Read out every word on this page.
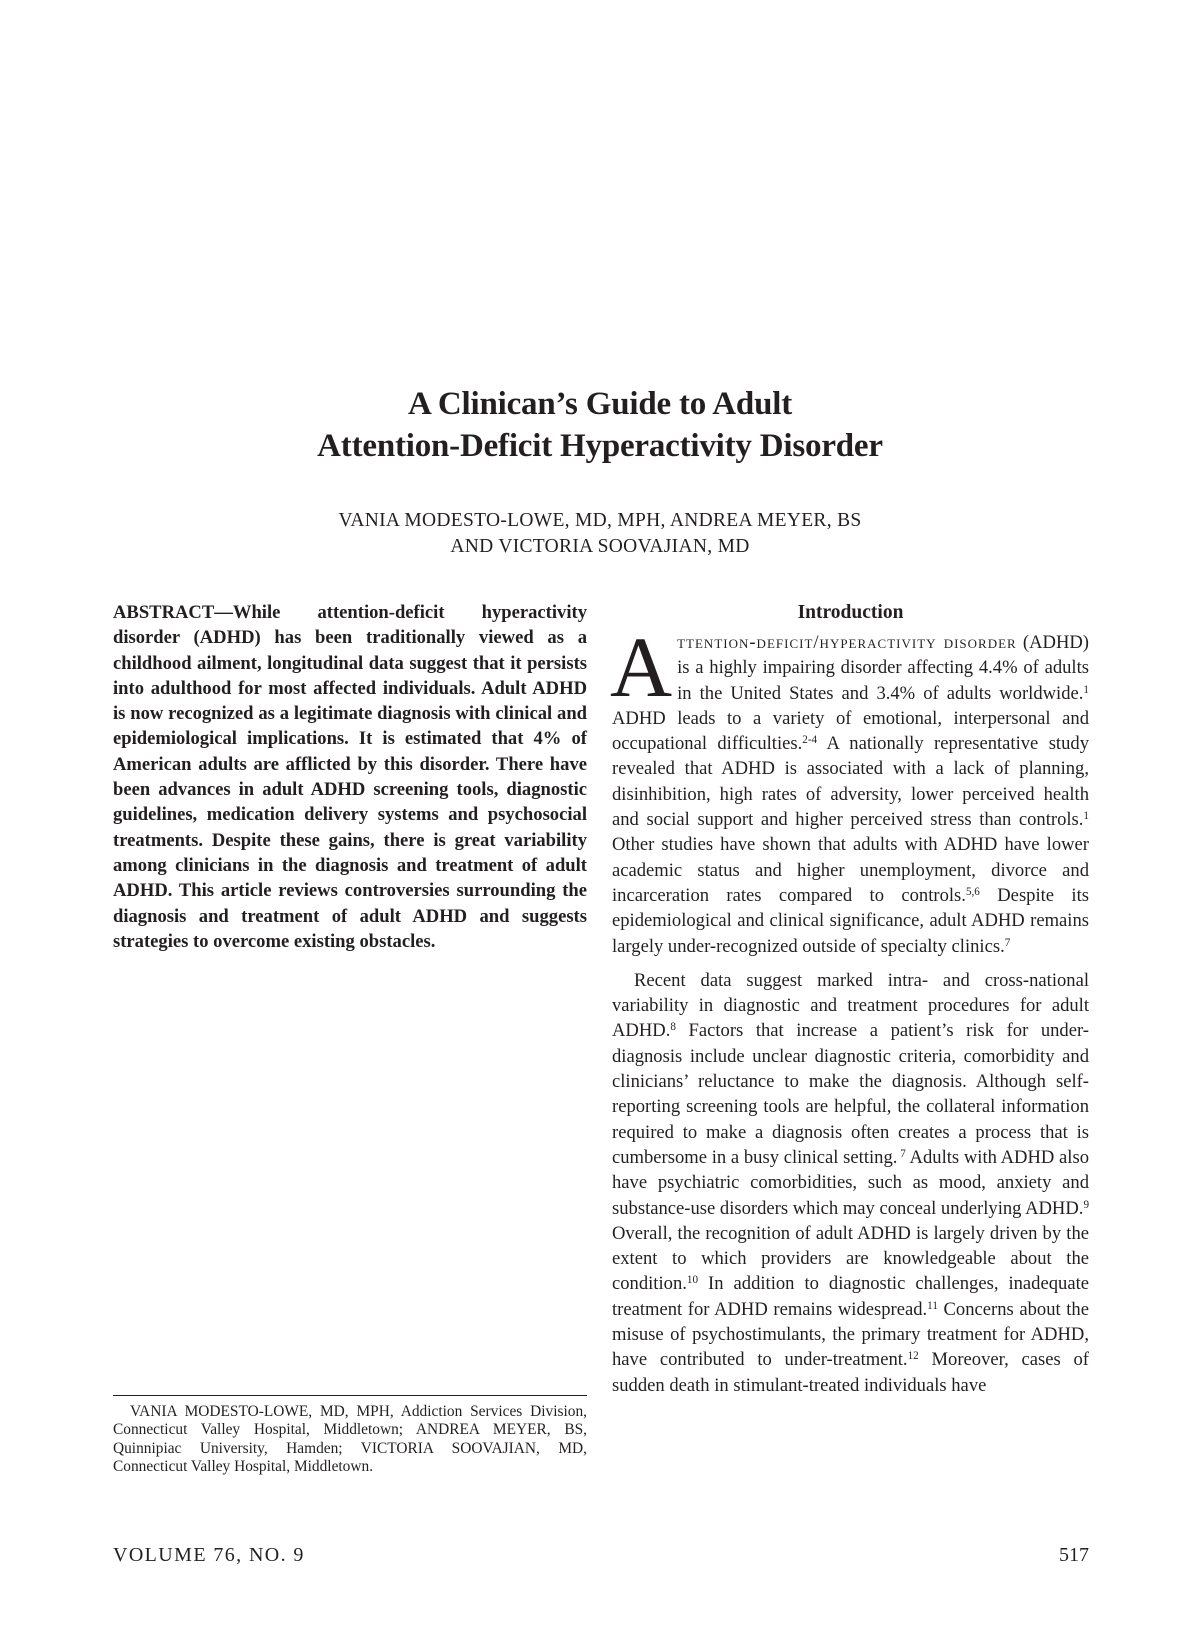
A Clinican’s Guide to Adult
Attention-Deficit Hyperactivity Disorder
VANIA MODESTO-LOWE, MD, MPH, ANDREA MEYER, BS
AND VICTORIA SOOVAJIAN, MD

ABSTRACT—While attention-deficit hyperactivity disorder (ADHD) has been traditionally viewed as a childhood ailment, longitudinal data suggest that it persists into adulthood for most affected individuals. Adult ADHD is now recognized as a legitimate diagnosis with clinical and epidemiological implications. It is estimated that 4% of American adults are afflicted by this disorder. There have been advances in adult ADHD screening tools, diagnostic guidelines, medication delivery systems and psychosocial treatments. Despite these gains, there is great variability among clinicians in the diagnosis and treatment of adult ADHD. This article reviews controversies surrounding the diagnosis and treatment of adult ADHD and suggests strategies to overcome existing obstacles.

VANIA MODESTO-LOWE, MD, MPH, Addiction Services Division, Connecticut Valley Hospital, Middletown; ANDREA MEYER, BS, Quinnipiac University, Hamden; VICTORIA SOOVAJIAN, MD, Connecticut Valley Hospital, Middletown.

Introduction

Attention-deficit/hyperactivity disorder (ADHD) is a highly impairing disorder affecting 4.4% of adults in the United States and 3.4% of adults worldwide.$^1$ ADHD leads to a variety of emotional, interpersonal and occupational difficulties.$^{2-4}$ A nationally representative study revealed that ADHD is associated with a lack of planning, disinhibition, high rates of adversity, lower perceived health and social support and higher perceived stress than controls.$^1$ Other studies have shown that adults with ADHD have lower academic status and higher unemployment, divorce and incarceration rates compared to controls.$^{5,6}$ Despite its epidemiological and clinical significance, adult ADHD remains largely under-recognized outside of specialty clinics.$^7$

Recent data suggest marked intra- and cross-national variability in diagnostic and treatment procedures for adult ADHD.$^8$ Factors that increase a patient’s risk for under-diagnosis include unclear diagnostic criteria, comorbidity and clinicians’ reluctance to make the diagnosis. Although self-reporting screening tools are helpful, the collateral information required to make a diagnosis often creates a process that is cumbersome in a busy clinical setting. $^7$ Adults with ADHD also have psychiatric comorbidities, such as mood, anxiety and substance-use disorders which may conceal underlying ADHD.$^9$ Overall, the recognition of adult ADHD is largely driven by the extent to which providers are knowledgeable about the condition.$^{10}$ In addition to diagnostic challenges, inadequate treatment for ADHD remains widespread.$^{11}$ Concerns about the misuse of psychostimulants, the primary treatment for ADHD, have contributed to under-treatment.$^{12}$ Moreover, cases of sudden death in stimulant-treated individuals have

VOLUME 76, NO. 9	517
